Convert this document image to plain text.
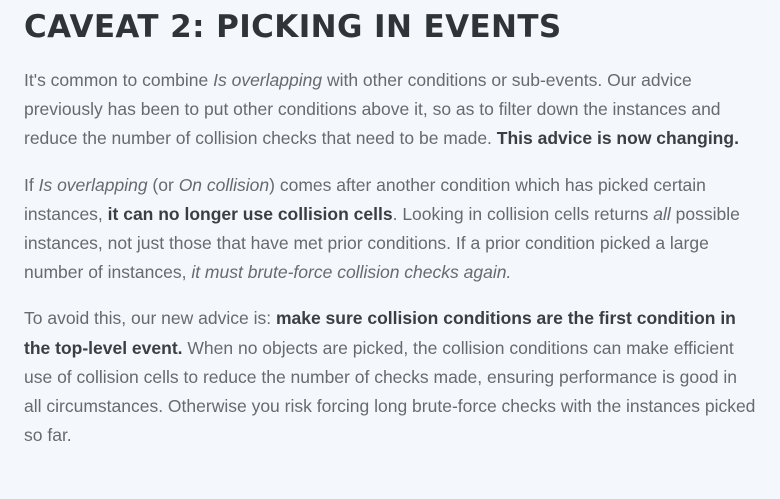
CAVEAT 2: PICKING IN EVENTS

It's common to combine Is overlapping with other conditions or sub-events. Our advice previously has been to put other conditions above it, so as to filter down the instances and reduce the number of collision checks that need to be made. This advice is now changing.

If Is overlapping (or On collision) comes after another condition which has picked certain instances, it can no longer use collision cells. Looking in collision cells returns all possible instances, not just those that have met prior conditions. If a prior condition picked a large number of instances, it must brute-force collision checks again.

To avoid this, our new advice is: make sure collision conditions are the first condition in the top-level event. When no objects are picked, the collision conditions can make efficient use of collision cells to reduce the number of checks made, ensuring performance is good in all circumstances. Otherwise you risk forcing long brute-force checks with the instances picked so far.
